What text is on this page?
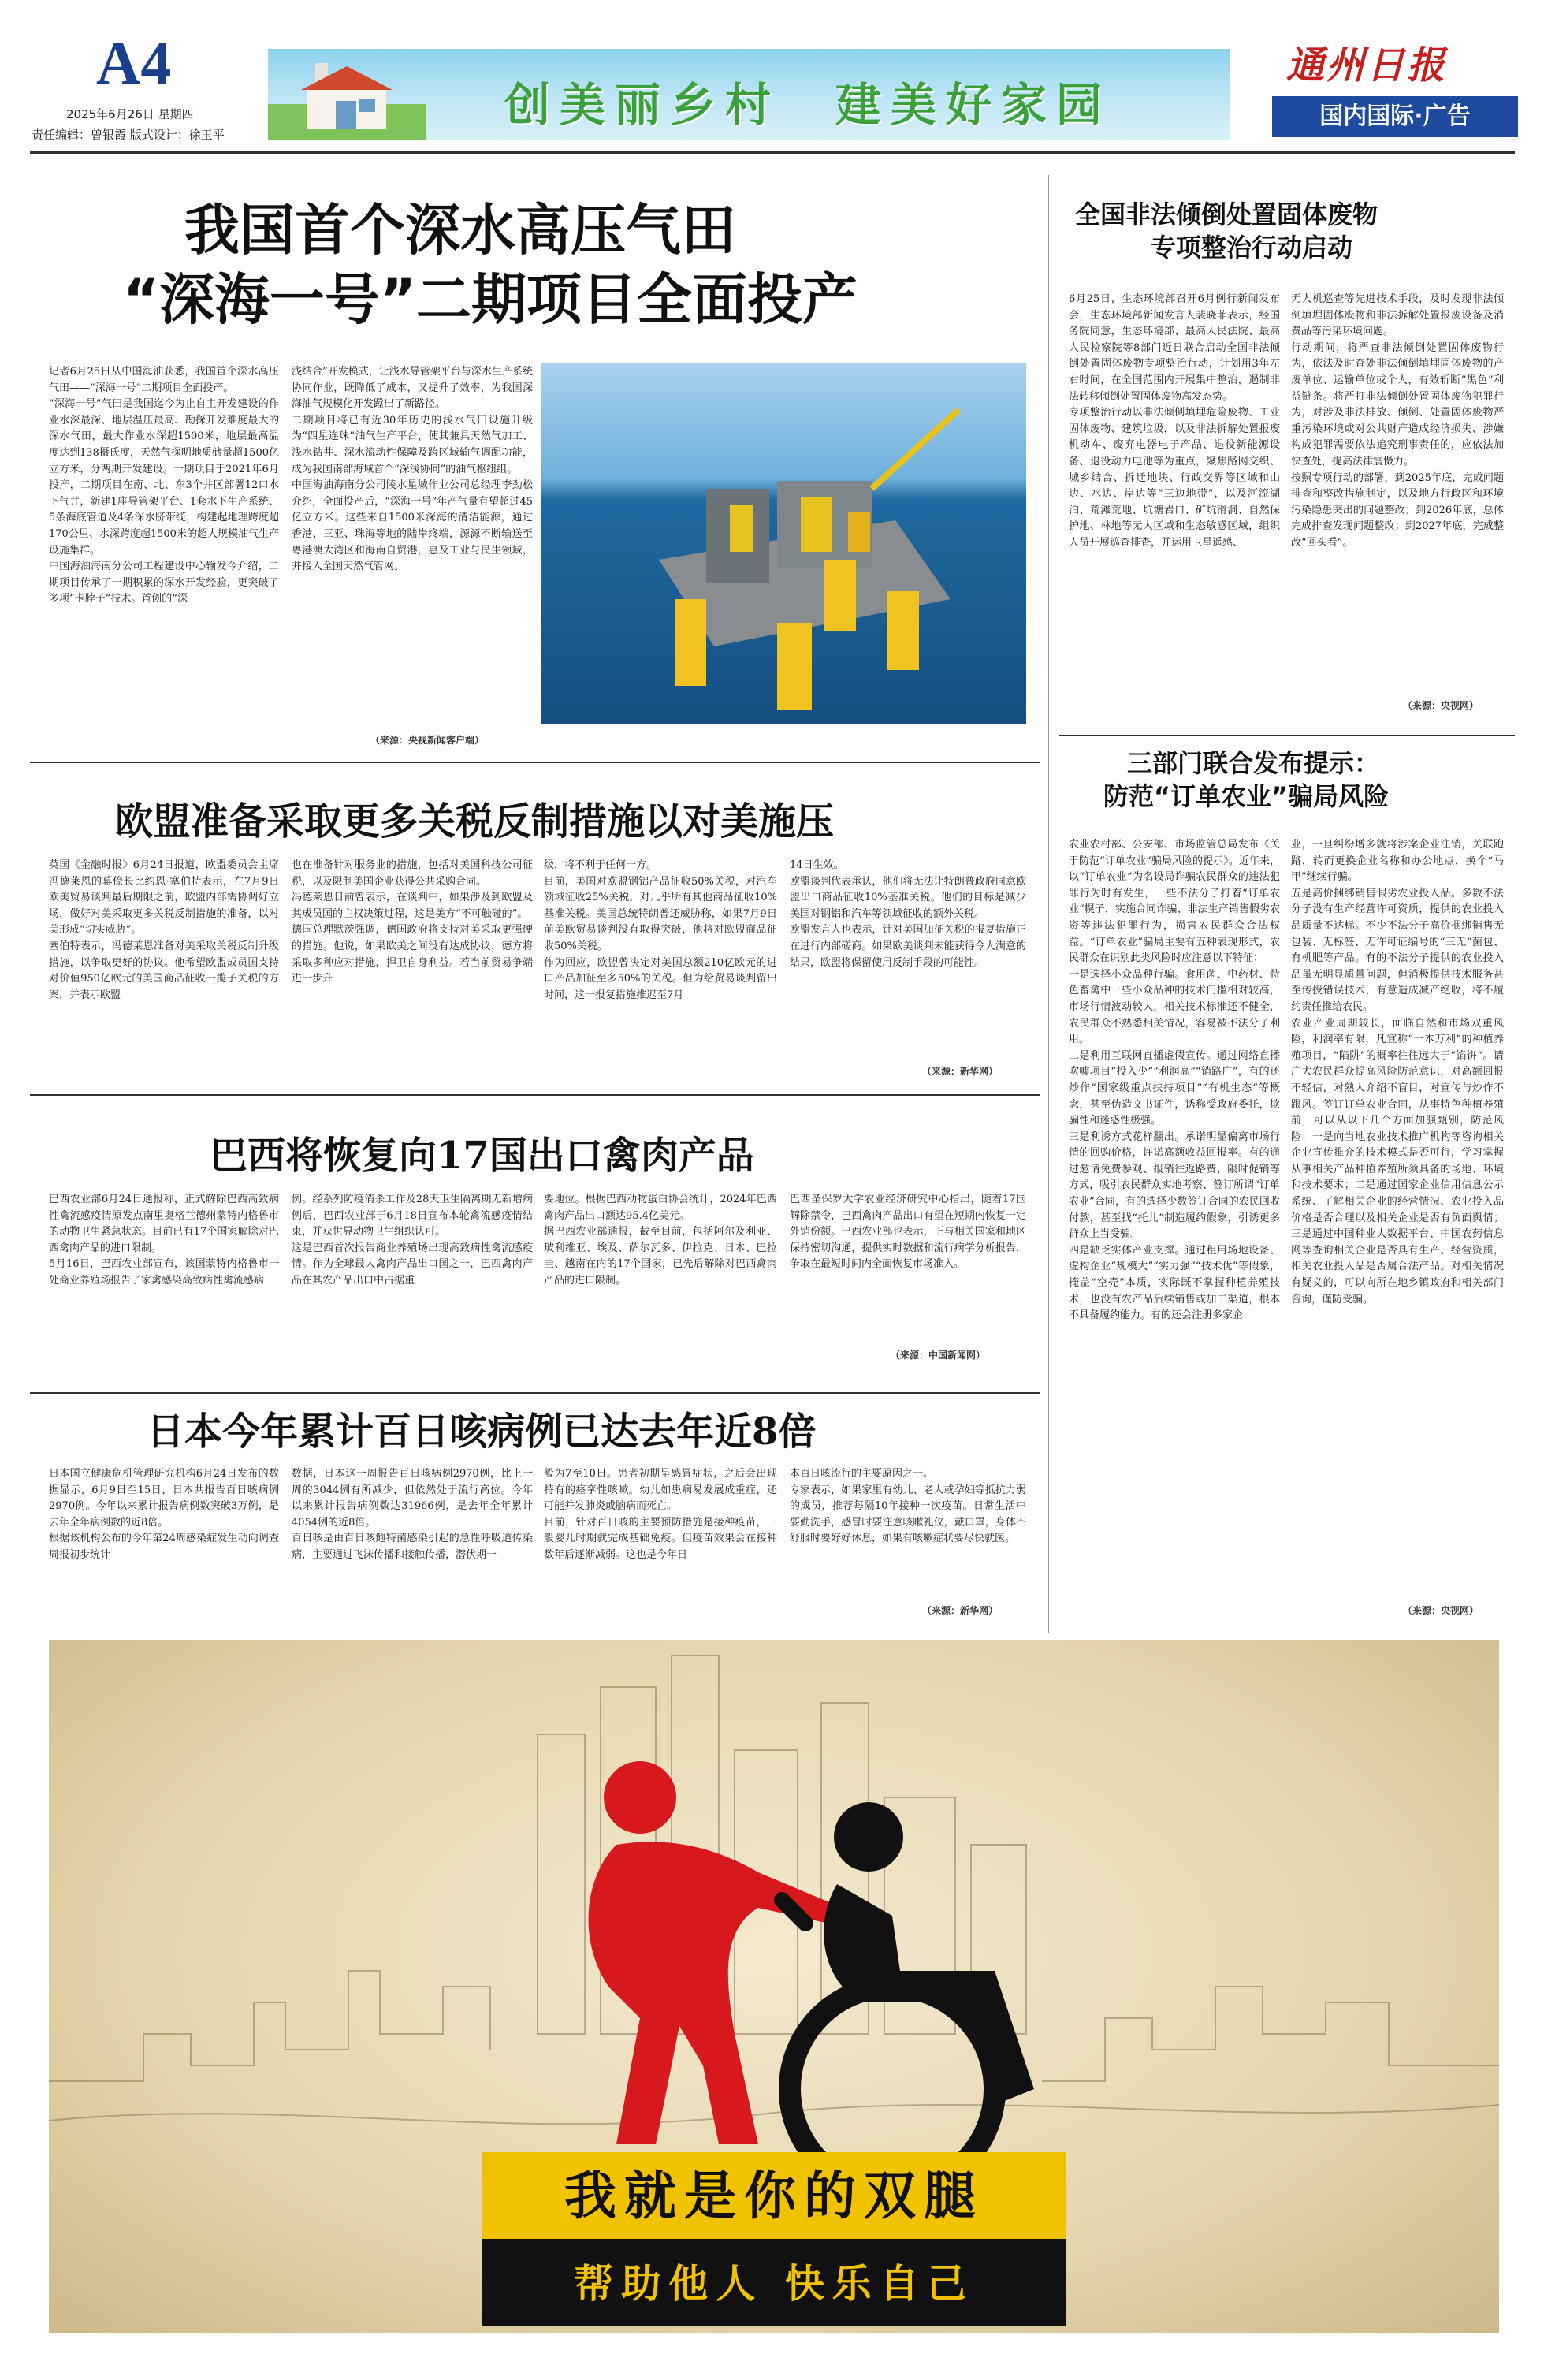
A4
2025年6月26日 星期四
责任编辑：曾银霞 版式设计：徐玉平
创美丽乡村 建美好家园
通州日报
国内国际·广告
我国首个深水高压气田
“深海一号”二期项目全面投产
记者6月25日从中国海油获悉，我国首个深水高压气田——“深海一号”二期项目全面投产。
“深海一号”气田是我国迄今为止自主开发建设的作业水深最深、地层温压最高、勘探开发难度最大的深水气田，最大作业水深超1500米，地层最高温度达到138摄氏度，天然气探明地质储量超1500亿立方米，分两期开发建设。一期项目于2021年6月投产，二期项目在南、北、东3个井区部署12口水下气井，新建1座导管架平台、1套水下生产系统、5条海底管道及4条深水脐带缆，构建起地理跨度超170公里、水深跨度超1500米的超大规模油气生产设施集群。
中国海油海南分公司工程建设中心输发今介绍，二期项目传承了一期积累的深水开发经验，更突破了多项“卡脖子”技术。首创的“深
浅结合”开发模式，让浅水导管架平台与深水生产系统协同作业，既降低了成本，又提升了效率，为我国深海油气规模化开发蹚出了新路径。
二期项目将已有近30年历史的浅水气田设施升级为“四星连珠”油气生产平台，使其兼具天然气加工、浅水钻井、深水流动性保障及跨区域输气调配功能，成为我国南部海域首个“深浅协同”的油气枢纽组。
中国海油海南分公司陵水星城作业公司总经理李劲松介绍，全面投产后，“深海一号”年产气量有望超过45亿立方米。这些来自1500米深海的清洁能源，通过香港、三亚、珠海等地的陆岸终端，源源不断输送至粤港澳大湾区和海南自贸港，惠及工业与民生领域，并接入全国天然气管网。
（来源：央视新闻客户端）
全国非法倾倒处置固体废物
专项整治行动启动
6月25日，生态环境部召开6月例行新闻发布会，生态环境部新闻发言人裴晓菲表示，经国务院同意，生态环境部、最高人民法院、最高人民检察院等8部门近日联合启动全国非法倾倒处置固体废物专项整治行动，计划用3年左右时间，在全国范围内开展集中整治，遏制非法转移倾倒处置固体废物高发态势。
专项整治行动以非法倾倒填埋危险废物、工业固体废物、建筑垃圾，以及非法拆解处置报废机动车、废弃电器电子产品、退役新能源设备、退役动力电池等为重点，聚焦路网交织、城乡结合、拆迁地块、行政交界等区域和山边、水边、岸边等“三边地带”，以及河流湖泊、荒滩荒地、坑塘岩口、矿坑滑洞、自然保护地、林地等无人区域和生态敏感区域，组织人员开展巡查排查，并运用卫星遥感、
无人机巡查等先进技术手段，及时发现非法倾倒填埋固体废物和非法拆解处置报废设备及消费品等污染环境问题。
行动期间，将严查非法倾倒处置固体废物行为，依法及时查处非法倾倒填埋固体废物的产废单位、运输单位或个人，有效斩断“黑色”利益链条。将严打非法倾倒处置固体废物犯罪行为，对涉及非法排放、倾倒、处置固体废物严重污染环境或对公共财产造成经济损失、涉嫌构成犯罪需要依法追究刑事责任的，应依法加快查处，提高法律震慑力。
按照专项行动的部署，到2025年底，完成问题排查和整改措施制定，以及地方行政区和环境污染隐患突出的问题整改；到2026年底，总体完成排查发现问题整改；到2027年底，完成整改“回头看”。
（来源：央视网）
欧盟准备采取更多关税反制措施以对美施压
英国《金融时报》6月24日报道，欧盟委员会主席冯德莱恩的幕僚长比约恩·塞伯特表示，在7月9日欧美贸易谈判最后期限之前，欧盟内部需协调好立场，做好对美采取更多关税反制措施的准备，以对美形成“切实威胁”。
塞伯特表示，冯德莱恩准备对美采取关税反制升级措施，以争取更好的协议。他希望欧盟成员国支持对价值950亿欧元的美国商品征收一揽子关税的方案，并表示欧盟
也在准备针对服务业的措施，包括对美国科技公司征税，以及限制美国企业获得公共采购合同。
冯德莱恩日前曾表示，在谈判中，如果涉及到欧盟及其成员国的主权决策过程，这是美方“不可触碰的”。
德国总理默茨强调，德国政府将支持对美采取更强硬的措施。他说，如果欧美之间没有达成协议，德方将采取多种应对措施，捍卫自身利益。若当前贸易争端进一步升
级，将不利于任何一方。
目前，美国对欧盟钢铝产品征收50%关税，对汽车领域征收25%关税，对几乎所有其他商品征收10%基准关税。美国总统特朗普还威胁称，如果7月9日前美欧贸易谈判没有取得突破，他将对欧盟商品征收50%关税。
作为回应，欧盟曾决定对美国总额210亿欧元的进口产品加征至多50%的关税。但为给贸易谈判留出时间，这一报复措施推迟至7月
14日生效。
欧盟谈判代表承认，他们将无法让特朗普政府同意欧盟出口商品征收10%基准关税。他们的目标是减少美国对钢铝和汽车等领域征收的额外关税。
欧盟发言人也表示，针对美国加征关税的报复措施正在进行内部磋商。如果欧美谈判未能获得令人满意的结果，欧盟将保留使用反制手段的可能性。
（来源：新华网）
巴西将恢复向17国出口禽肉产品
巴西农业部6月24日通报称，正式解除巴西高致病性禽流感疫情原发点南里奥格兰德州蒙特内格鲁市的动物卫生紧急状态。目前已有17个国家解除对巴西禽肉产品的进口限制。
5月16日，巴西农业部宣布，该国蒙特内格鲁市一处商业养殖场报告了家禽感染高致病性禽流感病
例。经系列防疫消杀工作及28天卫生隔离期无新增病例后，巴西农业部于6月18日宣布本轮禽流感疫情结束，并获世界动物卫生组织认可。
这是巴西首次报告商业养殖场出现高致病性禽流感疫情。作为全球最大禽肉产品出口国之一，巴西禽肉产品在其农产品出口中占据重
要地位。根据巴西动物蛋白协会统计，2024年巴西禽肉产品出口额达95.4亿美元。
据巴西农业部通报，截至目前，包括阿尔及利亚、玻利维亚、埃及、萨尔瓦多、伊拉克、日本、巴拉圭、越南在内的17个国家，已先后解除对巴西禽肉产品的进口限制。
巴西圣保罗大学农业经济研究中心指出，随着17国解除禁令，巴西禽肉产品出口有望在短期内恢复一定外销份额。巴西农业部也表示，正与相关国家和地区保持密切沟通，提供实时数据和流行病学分析报告，争取在最短时间内全面恢复市场准入。
（来源：中国新闻网）
日本今年累计百日咳病例已达去年近8倍
日本国立健康危机管理研究机构6月24日发布的数据显示，6月9日至15日，日本共报告百日咳病例2970例。今年以来累计报告病例数突破3万例，是去年全年病例数的近8倍。
根据该机构公布的今年第24周感染症发生动向调查周报初步统计
数据，日本这一周报告百日咳病例2970例，比上一周的3044例有所减少，但依然处于流行高位。今年以来累计报告病例数达31966例，是去年全年累计4054例的近8倍。
百日咳是由百日咳鲍特菌感染引起的急性呼吸道传染病，主要通过飞沫传播和接触传播，潜伏期一
般为7至10日。患者初期呈感冒症状，之后会出现特有的痉挛性咳嗽。幼儿如患病易发展成重症，还可能并发肺炎或脑病而死亡。
目前，针对百日咳的主要预防措施是接种疫苗，一般婴儿时期就完成基础免疫。但疫苗效果会在接种数年后逐渐减弱。这也是今年日
本百日咳流行的主要原因之一。
专家表示，如果家里有幼儿、老人或孕妇等抵抗力弱的成员，推荐每隔10年接种一次疫苗。日常生活中要勤洗手，感冒时要注意咳嗽礼仪，戴口罩，身体不舒服时要好好休息，如果有咳嗽症状要尽快就医。
（来源：新华网）
三部门联合发布提示：
防范“订单农业”骗局风险
农业农村部、公安部、市场监管总局发布《关于防范“订单农业”骗局风险的提示》。近年来，以“订单农业”为名设局诈骗农民群众的违法犯罪行为时有发生，一些不法分子打着“订单农业”幌子，实施合同诈骗、非法生产销售假劣农资等违法犯罪行为，损害农民群众合法权益。“订单农业”骗局主要有五种表现形式，农民群众在识别此类风险时应注意以下特征：
一是选择小众品种行骗。食用菌、中药材、特色畜禽中一些小众品种的技术门槛相对较高，市场行情波动较大，相关技术标准还不健全，农民群众不熟悉相关情况，容易被不法分子利用。
二是利用互联网直播虚假宣传。通过网络直播吹嘘项目“投入少”“利润高”“销路广”，有的还炒作“国家级重点扶持项目”“有机生态”等概念，甚至伪造文书证件，诱称受政府委托，欺骗性和迷惑性极强。
三是利诱方式花样翻出。承诺明显偏离市场行情的回购价格，许诺高额收益回报率。有的通过邀请免费参观、报销往返路费，限时促销等方式，吸引农民群众实地考察、签订所谓“订单农业”合同，有的选择少数签订合同的农民回收付款，甚至找“托儿”制造履约假象，引诱更多群众上当受骗。
四是缺乏实体产业支撑。通过租用场地设备、虚构企业“规模大”“实力强”“技术优”等假象，掩盖“空壳”本质，实际既不掌握种植养殖技术，也没有农产品后续销售或加工渠道，根本不具备履约能力。有的还会注册多家企
业，一旦纠纷增多就将涉案企业注销，关联跑路，转而更换企业名称和办公地点，换个“马甲”继续行骗。
五是高价捆绑销售假劣农业投入品。多数不法分子没有生产经营许可资质，提供的农业投入品质量不达标。不少不法分子高价捆绑销售无包装、无标签、无许可证编号的“三无”菌包、有机肥等产品。有的不法分子提供的农业投入品虽无明显质量问题，但消极提供技术服务甚至传授错误技术，有意造成减产绝收，将不履约责任推给农民。
农业产业周期较长，面临自然和市场双重风险，利润率有限，凡宣称“一本万利”的种植养殖项目，“陷阱”的概率往往远大于“馅饼”。请广大农民群众提高风险防范意识，对高额回报不轻信，对熟人介绍不盲目，对宣传与炒作不跟风。签订订单农业合同，从事特色种植养殖前，可以从以下几个方面加强甄别，防范风险：一是向当地农业技术推广机构等咨询相关企业宣传推介的技术模式是否可行，学习掌握从事相关产品种植养殖所须具备的场地、环境和技术要求；二是通过国家企业信用信息公示系统、了解相关企业的经营情况、农业投入品价格是否合理以及相关企业是否有负面舆情；三是通过中国种业大数据平台、中国农药信息网等查询相关企业是否具有生产、经营资质，相关农业投入品是否属合法产品。对相关情况有疑义的，可以向所在地乡镇政府和相关部门咨询，谨防受骗。
（来源：央视网）
我就是你的双腿
帮助他人 快乐自己
